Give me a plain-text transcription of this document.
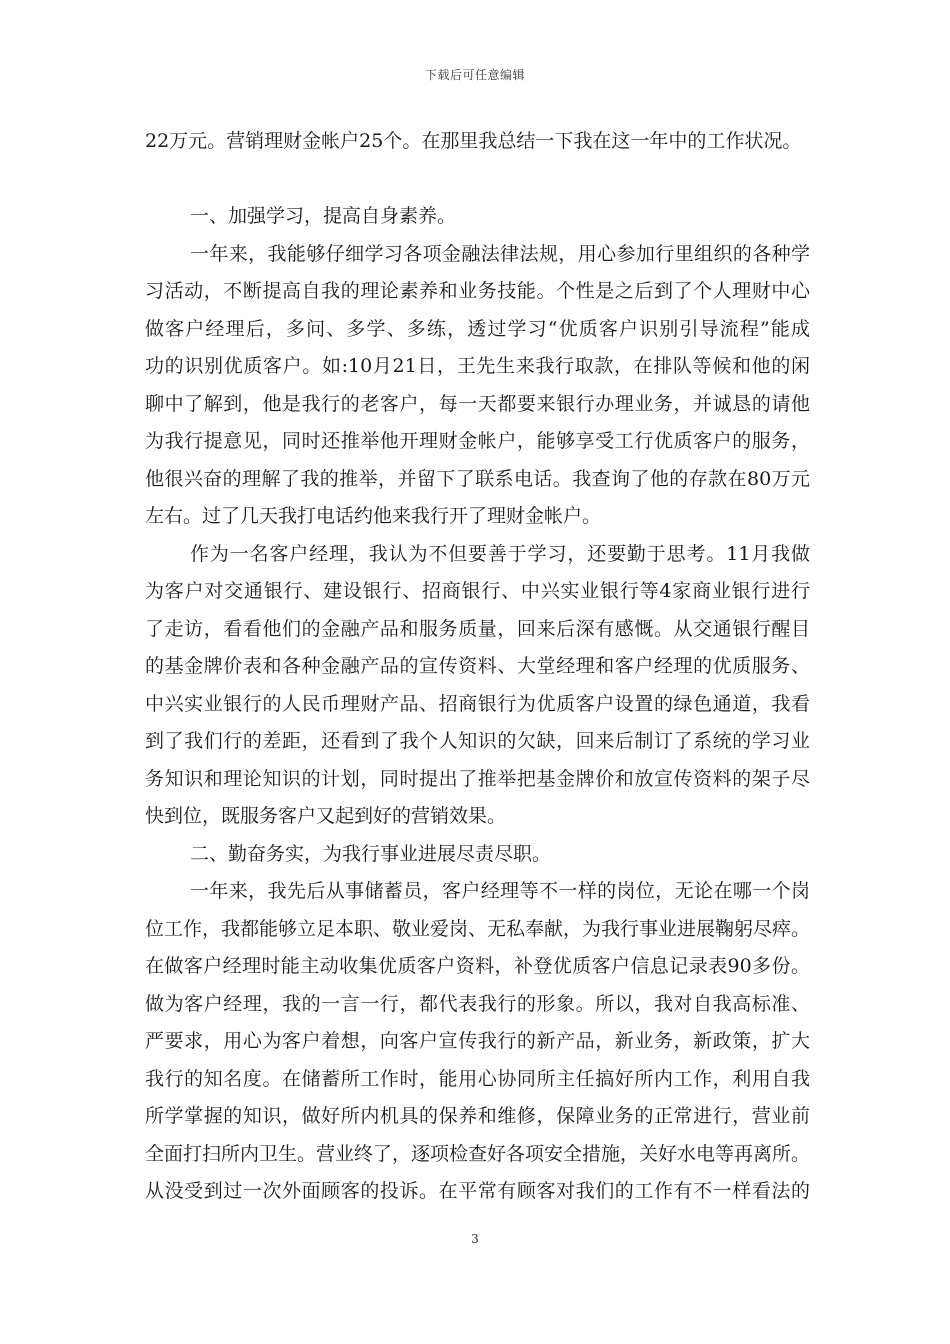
下载后可任意编辑
22万元。营销理财金帐户25个。在那里我总结一下我在这一年中的工作状况。
一、加强学习，提高自身素养。
一年来，我能够仔细学习各项金融法律法规，用心参加行里组织的各种学
习活动，不断提高自我的理论素养和业务技能。个性是之后到了个人理财中心
做客户经理后，多问、多学、多练，透过学习“优质客户识别引导流程”能成
功的识别优质客户。如:10月21日，王先生来我行取款，在排队等候和他的闲
聊中了解到，他是我行的老客户，每一天都要来银行办理业务，并诚恳的请他
为我行提意见，同时还推举他开理财金帐户，能够享受工行优质客户的服务，
他很兴奋的理解了我的推举，并留下了联系电话。我查询了他的存款在80万元
左右。过了几天我打电话约他来我行开了理财金帐户。
作为一名客户经理，我认为不但要善于学习，还要勤于思考。11月我做
为客户对交通银行、建设银行、招商银行、中兴实业银行等4家商业银行进行
了走访，看看他们的金融产品和服务质量，回来后深有感慨。从交通银行醒目
的基金牌价表和各种金融产品的宣传资料、大堂经理和客户经理的优质服务、
中兴实业银行的人民币理财产品、招商银行为优质客户设置的绿色通道，我看
到了我们行的差距，还看到了我个人知识的欠缺，回来后制订了系统的学习业
务知识和理论知识的计划，同时提出了推举把基金牌价和放宣传资料的架子尽
快到位，既服务客户又起到好的营销效果。
二、勤奋务实，为我行事业进展尽责尽职。
一年来，我先后从事储蓄员，客户经理等不一样的岗位，无论在哪一个岗
位工作，我都能够立足本职、敬业爱岗、无私奉献，为我行事业进展鞠躬尽瘁。
在做客户经理时能主动收集优质客户资料，补登优质客户信息记录表90多份。
做为客户经理，我的一言一行，都代表我行的形象。所以，我对自我高标准、
严要求，用心为客户着想，向客户宣传我行的新产品，新业务，新政策，扩大
我行的知名度。在储蓄所工作时，能用心协同所主任搞好所内工作，利用自我
所学掌握的知识，做好所内机具的保养和维修，保障业务的正常进行，营业前
全面打扫所内卫生。营业终了，逐项检查好各项安全措施，关好水电等再离所。
从没受到过一次外面顾客的投诉。在平常有顾客对我们的工作有不一样看法的
3
